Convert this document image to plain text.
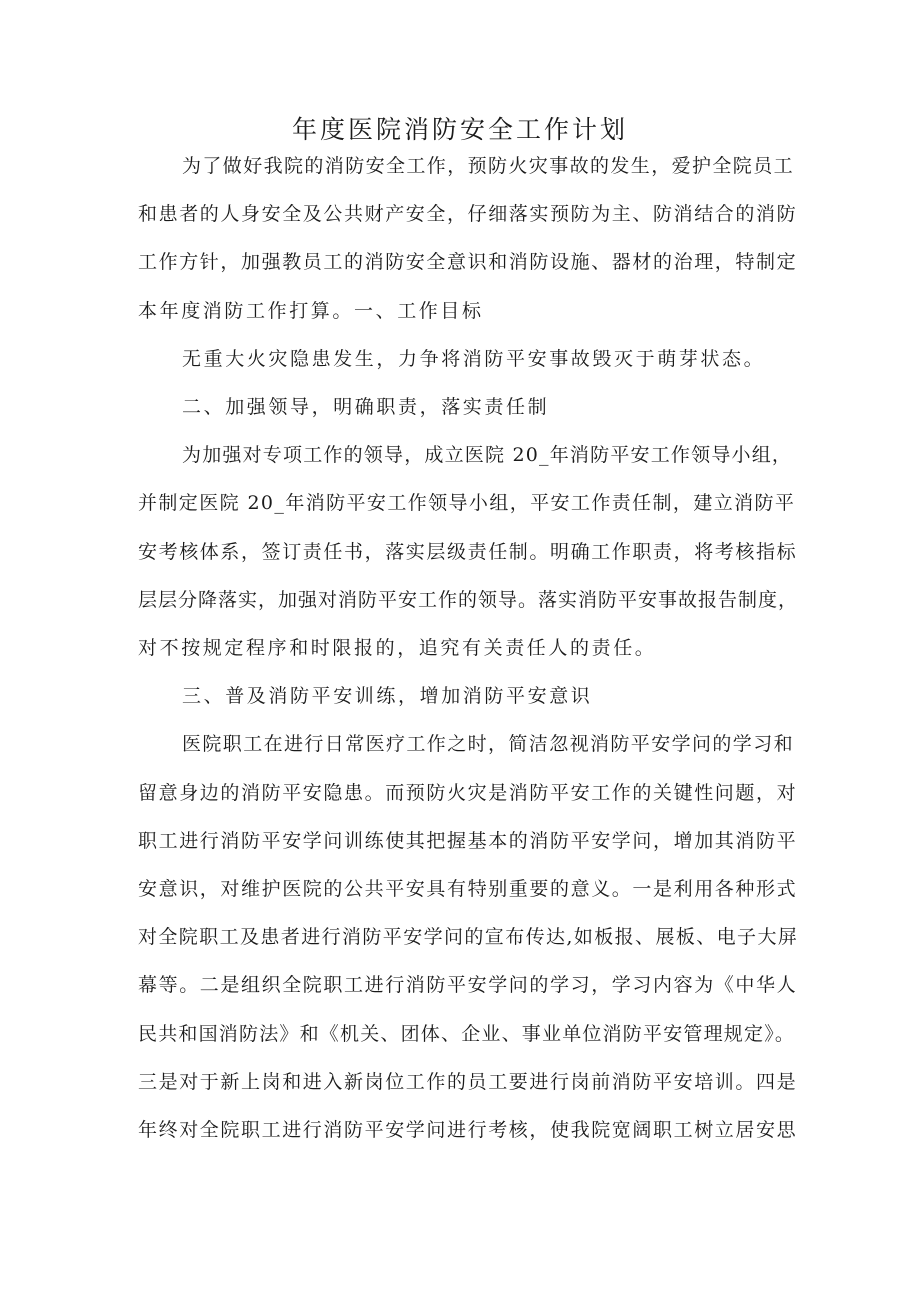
年度医院消防安全工作计划

为了做好我院的消防安全工作，预防火灾事故的发生，爱护全院员工

和患者的人身安全及公共财产安全，仔细落实预防为主、防消结合的消防

工作方针，加强教员工的消防安全意识和消防设施、器材的治理，特制定

本年度消防工作打算。一、工作目标

无重大火灾隐患发生，力争将消防平安事故毁灭于萌芽状态。

二、加强领导，明确职责，落实责任制

为加强对专项工作的领导，成立医院 20_年消防平安工作领导小组，

并制定医院 20_年消防平安工作领导小组，平安工作责任制，建立消防平

安考核体系，签订责任书，落实层级责任制。明确工作职责，将考核指标

层层分降落实，加强对消防平安工作的领导。落实消防平安事故报告制度，

对不按规定程序和时限报的，追究有关责任人的责任。

三、普及消防平安训练，增加消防平安意识

医院职工在进行日常医疗工作之时，简洁忽视消防平安学问的学习和

留意身边的消防平安隐患。而预防火灾是消防平安工作的关键性问题，对

职工进行消防平安学问训练使其把握基本的消防平安学问，增加其消防平

安意识，对维护医院的公共平安具有特别重要的意义。一是利用各种形式

对全院职工及患者进行消防平安学问的宣布传达,如板报、展板、电子大屏

幕等。二是组织全院职工进行消防平安学问的学习，学习内容为《中华人

民共和国消防法》和《机关、团体、企业、事业单位消防平安管理规定》。

三是对于新上岗和进入新岗位工作的员工要进行岗前消防平安培训。四是

年终对全院职工进行消防平安学问进行考核，使我院宽阔职工树立居安思
